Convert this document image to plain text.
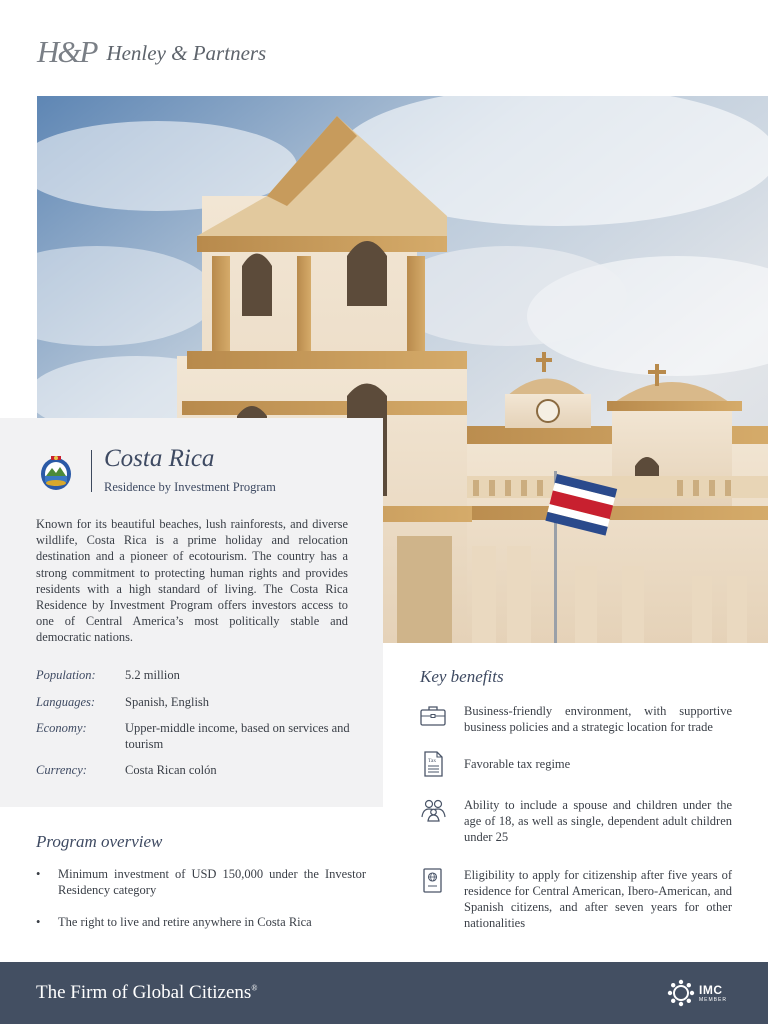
H&P Henley & Partners
Costa Rica
Residence by Investment Program

Known for its beautiful beaches, lush rainforests, and diverse wildlife, Costa Rica is a prime holiday and relocation destination and a pioneer of ecotourism. The country has a strong commitment to protecting human rights and provides residents with a high standard of living. The Costa Rica Residence by Investment Program offers investors access to one of Central America’s most politically stable and democratic nations.

Population: 5.2 million
Languages: Spanish, English
Economy:	Upper-middle income, based on services and tourism
Currency:	Costa Rican colón
Program overview
• Minimum investment of USD 150,000 under the Investor Residency category
• The right to live and retire anywhere in Costa Rica
Key benefits
Business-friendly environment, with supportive business policies and a strategic location for trade
Tax Favorable tax regime
Ability to include a spouse and children under the age of 18, as well as single, dependent adult children under 25
Eligibility to apply for citizenship after five years of residence for Central American, Ibero-American, and Spanish citizens, and after seven years for other nationalities
The Firm of Global Citizens®	IMC
MEMBER
